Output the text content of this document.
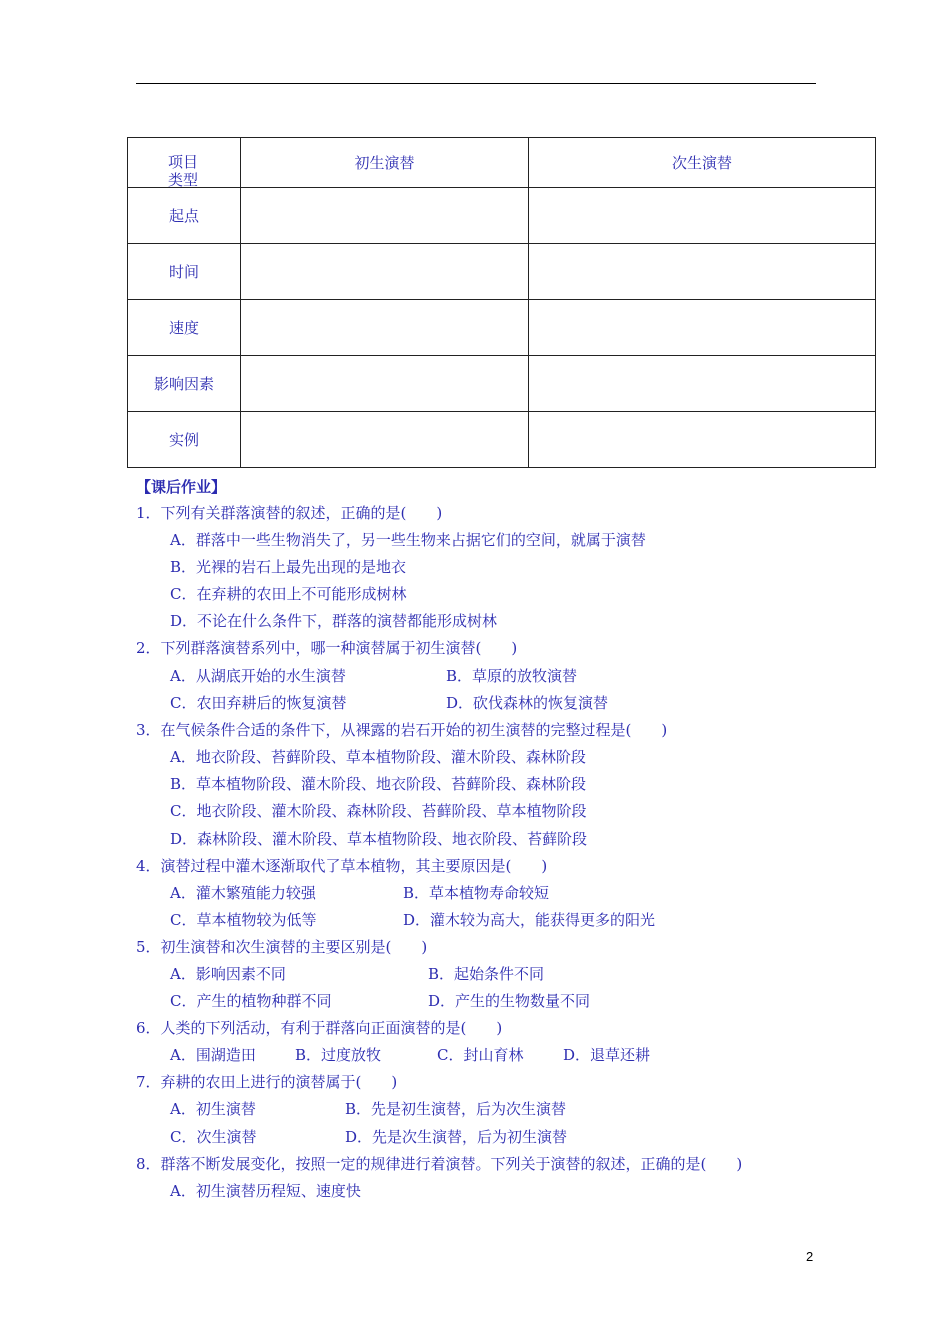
项目
类型	初生演替	次生演替
起点		
时间		
速度		
影响因素		
实例		
【课后作业】
1．下列有关群落演替的叙述，正确的是(　　)
A．群落中一些生物消失了，另一些生物来占据它们的空间，就属于演替
B．光裸的岩石上最先出现的是地衣
C．在弃耕的农田上不可能形成树林
D．不论在什么条件下，群落的演替都能形成树林
2．下列群落演替系列中，哪一种演替属于初生演替(　　)
A．从湖底开始的水生演替	B．草原的放牧演替
C．农田弃耕后的恢复演替	D．砍伐森林的恢复演替
3．在气候条件合适的条件下，从裸露的岩石开始的初生演替的完整过程是(　　)
A．地衣阶段、苔藓阶段、草本植物阶段、灌木阶段、森林阶段
B．草本植物阶段、灌木阶段、地衣阶段、苔藓阶段、森林阶段
C．地衣阶段、灌木阶段、森林阶段、苔藓阶段、草本植物阶段
D．森林阶段、灌木阶段、草本植物阶段、地衣阶段、苔藓阶段
4．演替过程中灌木逐渐取代了草本植物，其主要原因是(　　)
A．灌木繁殖能力较强	B．草本植物寿命较短
C．草本植物较为低等	D．灌木较为高大，能获得更多的阳光
5．初生演替和次生演替的主要区别是(　　)
A．影响因素不同	B．起始条件不同
C．产生的植物种群不同	D．产生的生物数量不同
6．人类的下列活动，有利于群落向正面演替的是(　　)
A．围湖造田	B．过度放牧	C．封山育林	D．退草还耕
7．弃耕的农田上进行的演替属于(　　)
A．初生演替	B．先是初生演替，后为次生演替
C．次生演替	D．先是次生演替，后为初生演替
8．群落不断发展变化，按照一定的规律进行着演替。下列关于演替的叙述，正确的是(　　)
A．初生演替历程短、速度快
2
